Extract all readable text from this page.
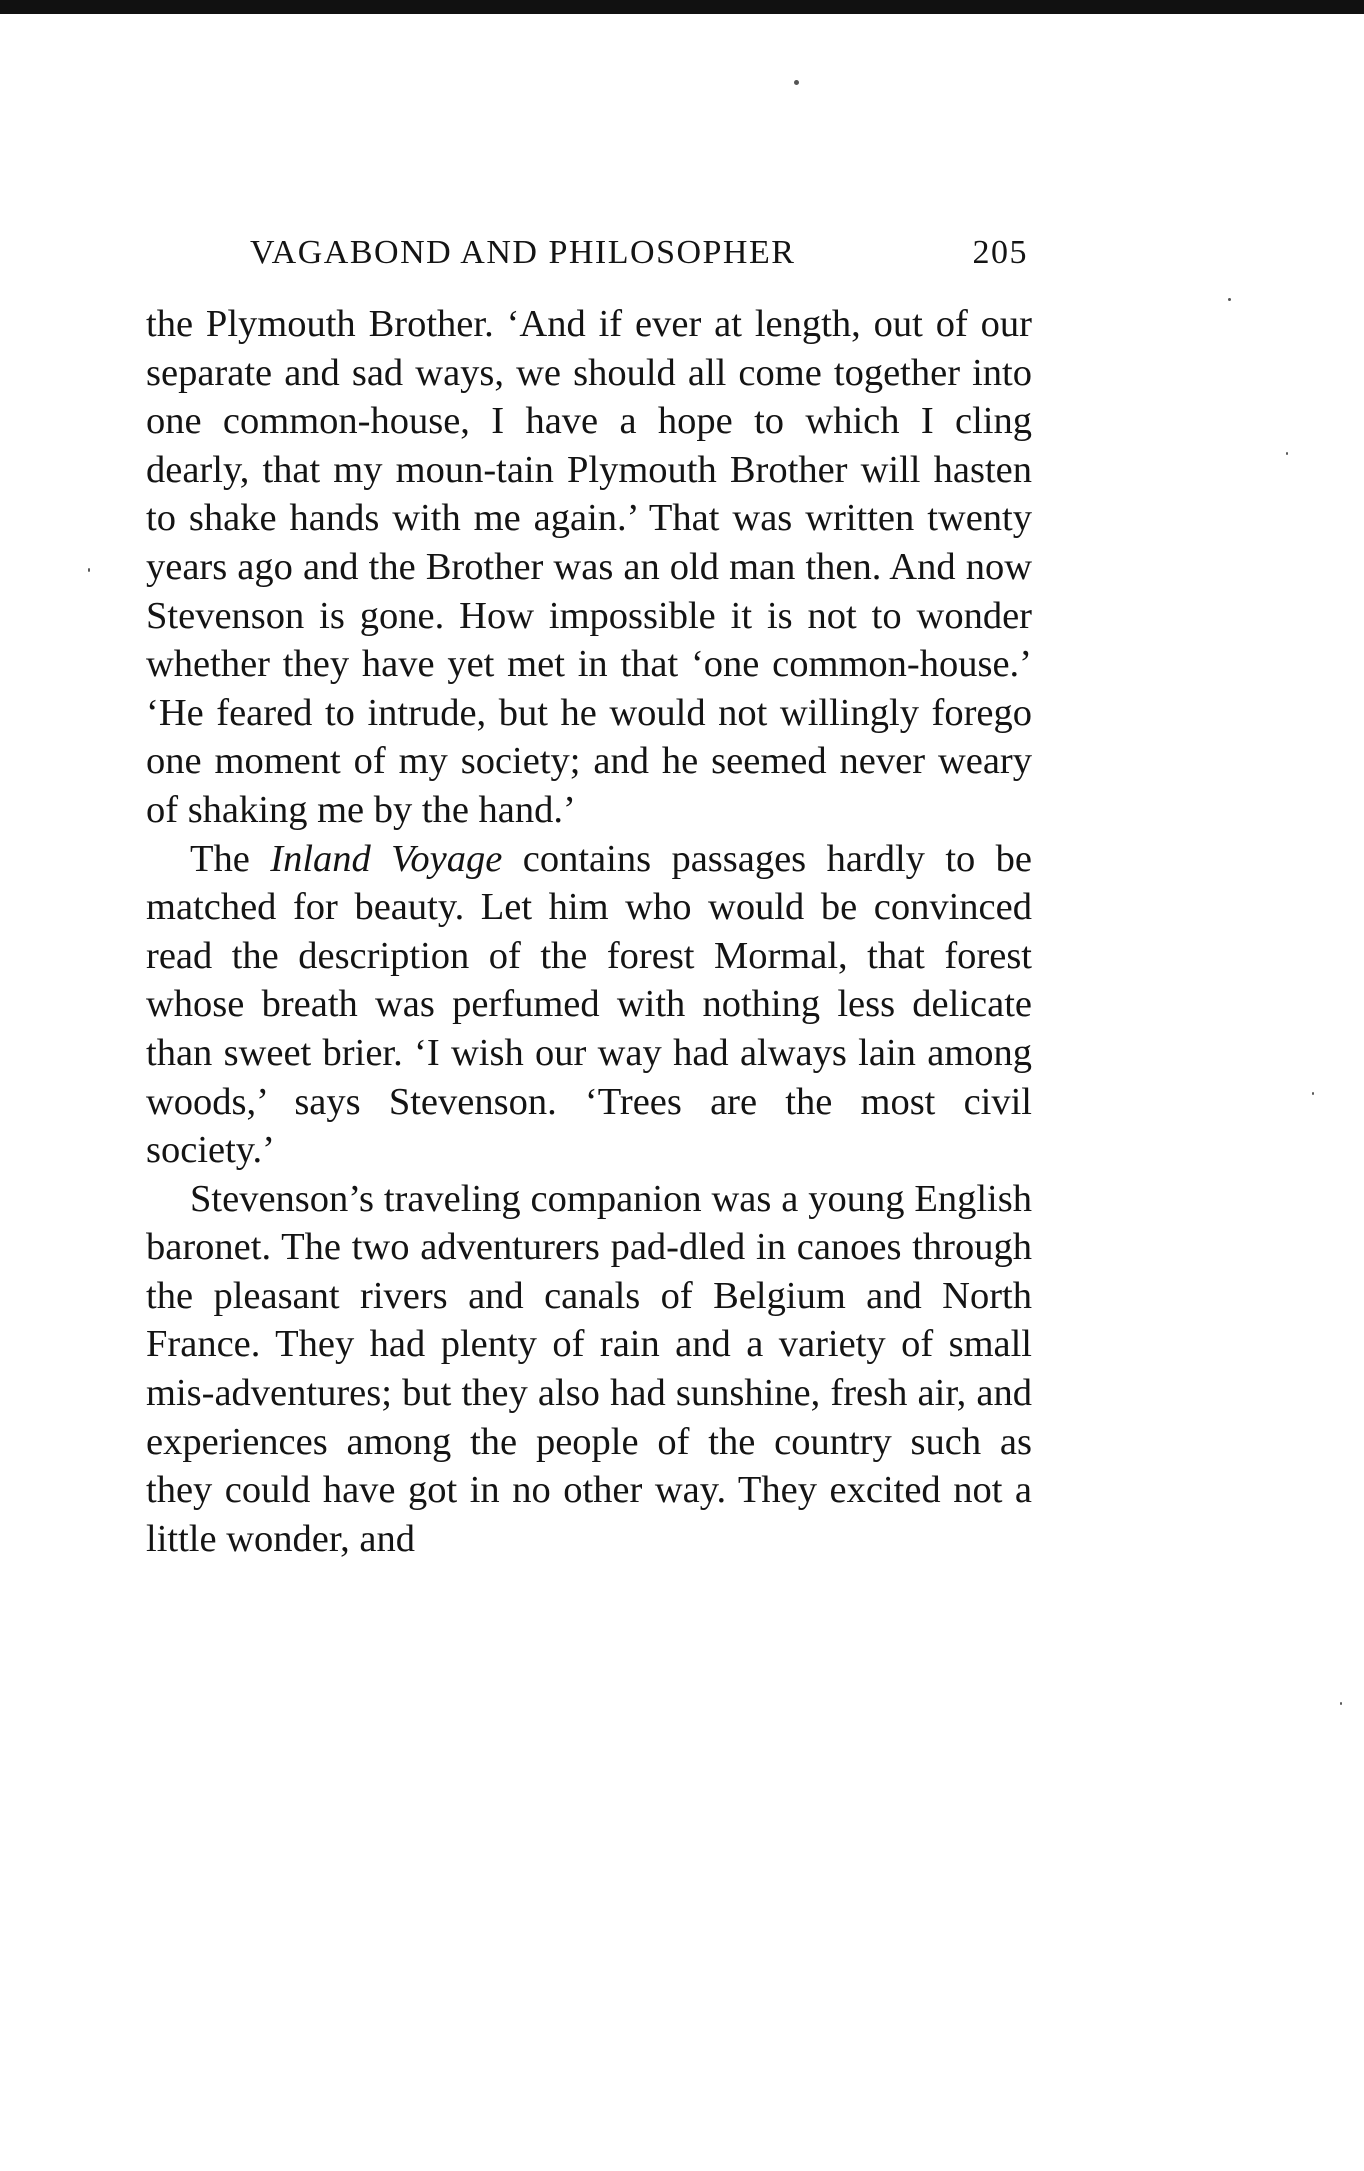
VAGABOND AND PHILOSOPHER	205

the Plymouth Brother. ‘And if ever at length, out of our separate and sad ways, we should all come together into one common-house, I have a hope to which I cling dearly, that my moun-tain Plymouth Brother will hasten to shake hands with me again.’ That was written twenty years ago and the Brother was an old man then. And now Stevenson is gone. How impossible it is not to wonder whether they have yet met in that ‘one common-house.’ ‘He feared to intrude, but he would not willingly forego one moment of my society; and he seemed never weary of shaking me by the hand.’

The Inland Voyage contains passages hardly to be matched for beauty. Let him who would be convinced read the description of the forest Mormal, that forest whose breath was perfumed with nothing less delicate than sweet brier. ‘I wish our way had always lain among woods,’ says Stevenson. ‘Trees are the most civil society.’

Stevenson’s traveling companion was a young English baronet. The two adventurers pad-dled in canoes through the pleasant rivers and canals of Belgium and North France. They had plenty of rain and a variety of small mis-adventures; but they also had sunshine, fresh air, and experiences among the people of the country such as they could have got in no other way. They excited not a little wonder, and
